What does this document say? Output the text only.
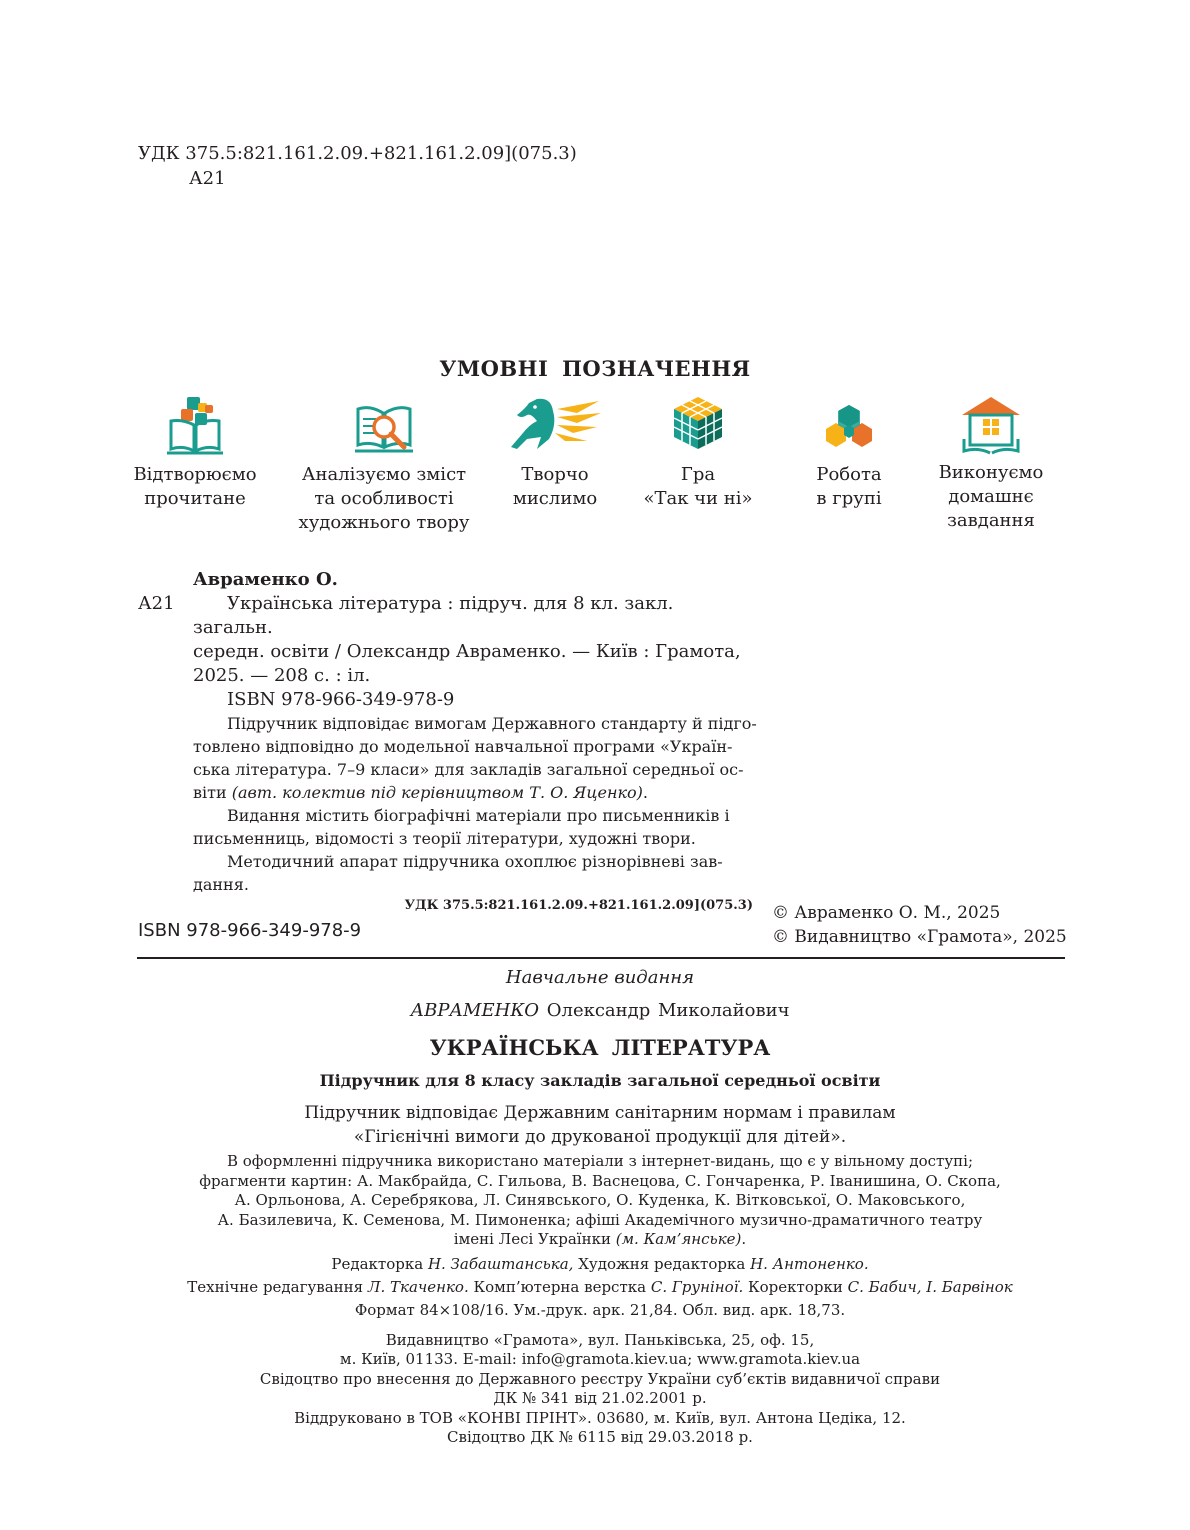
УДК 375.5:821.161.2.09.+821.161.2.09](075.3)
А21
УМОВНІ ПОЗНАЧЕННЯ
Відтворюємо
прочитане
Аналізуємо зміст
та особливості
художнього твору
Творчо
мислимо
Гра
«Так чи ні»
Робота
в групі
Виконуємо
домашнє
завдання
Авраменко О.
А21	Українська література : підруч. для 8 кл. закл. загальн.
середн. освіти / Олександр Авраменко. — Київ : Грамота,
2025. — 208 с. : іл.
ISBN 978-966-349-978-9
Підручник відповідає вимогам Державного стандарту й підго-
товлено відповідно до модельної навчальної програми «Україн-
ська література. 7–9 класи» для закладів загальної середньої ос-
віти (авт. колектив під керівництвом Т. О. Яценко).
Видання містить біографічні матеріали про письменників і
письменниць, відомості з теорії літератури, художні твори.
Методичний апарат підручника охоплює різнорівневі зав-
дання.
УДК 375.5:821.161.2.09.+821.161.2.09](075.3)
ISBN 978-966-349-978-9
© Авраменко О. М., 2025
© Видавництво «Грамота», 2025
Навчальне видання
АВРАМЕНКО Олександр Миколайович
УКРАЇНСЬКА ЛІТЕРАТУРА
Підручник для 8 класу закладів загальної середньої освіти
Підручник відповідає Державним санітарним нормам і правилам
«Гігієнічні вимоги до друкованої продукції для дітей».
В оформленні підручника використано матеріали з інтернет-видань, що є у вільному доступі;
фрагменти картин: А. Макбрайда, С. Гильова, В. Васнецова, С. Гончаренка, Р. Іванишина, О. Скопа,
А. Орльонова, А. Серебрякова, Л. Синявського, О. Куденка, К. Вітковської, О. Маковського,
А. Базилевича, К. Семенова, М. Пимоненка; афіші Академічного музично-драматичного театру
імені Лесі Українки (м. Кам’янське).
Редакторка Н. Забаштанська, Художня редакторка Н. Антоненко.
Технічне редагування Л. Ткаченко. Комп’ютерна верстка С. Груніної. Коректорки С. Бабич, І. Барвінок
Формат 84×108/16. Ум.-друк. арк. 21,84. Обл. вид. арк. 18,73.
Видавництво «Грамота», вул. Паньківська, 25, оф. 15,
м. Київ, 01133. E-mail: info@gramota.kiev.ua; www.gramota.kiev.ua
Свідоцтво про внесення до Державного реєстру України суб’єктів видавничої справи
ДК № 341 від 21.02.2001 р.
Віддруковано в ТОВ «КОНВІ ПРІНТ». 03680, м. Київ, вул. Антона Цедіка, 12.
Свідоцтво ДК № 6115 від 29.03.2018 р.
